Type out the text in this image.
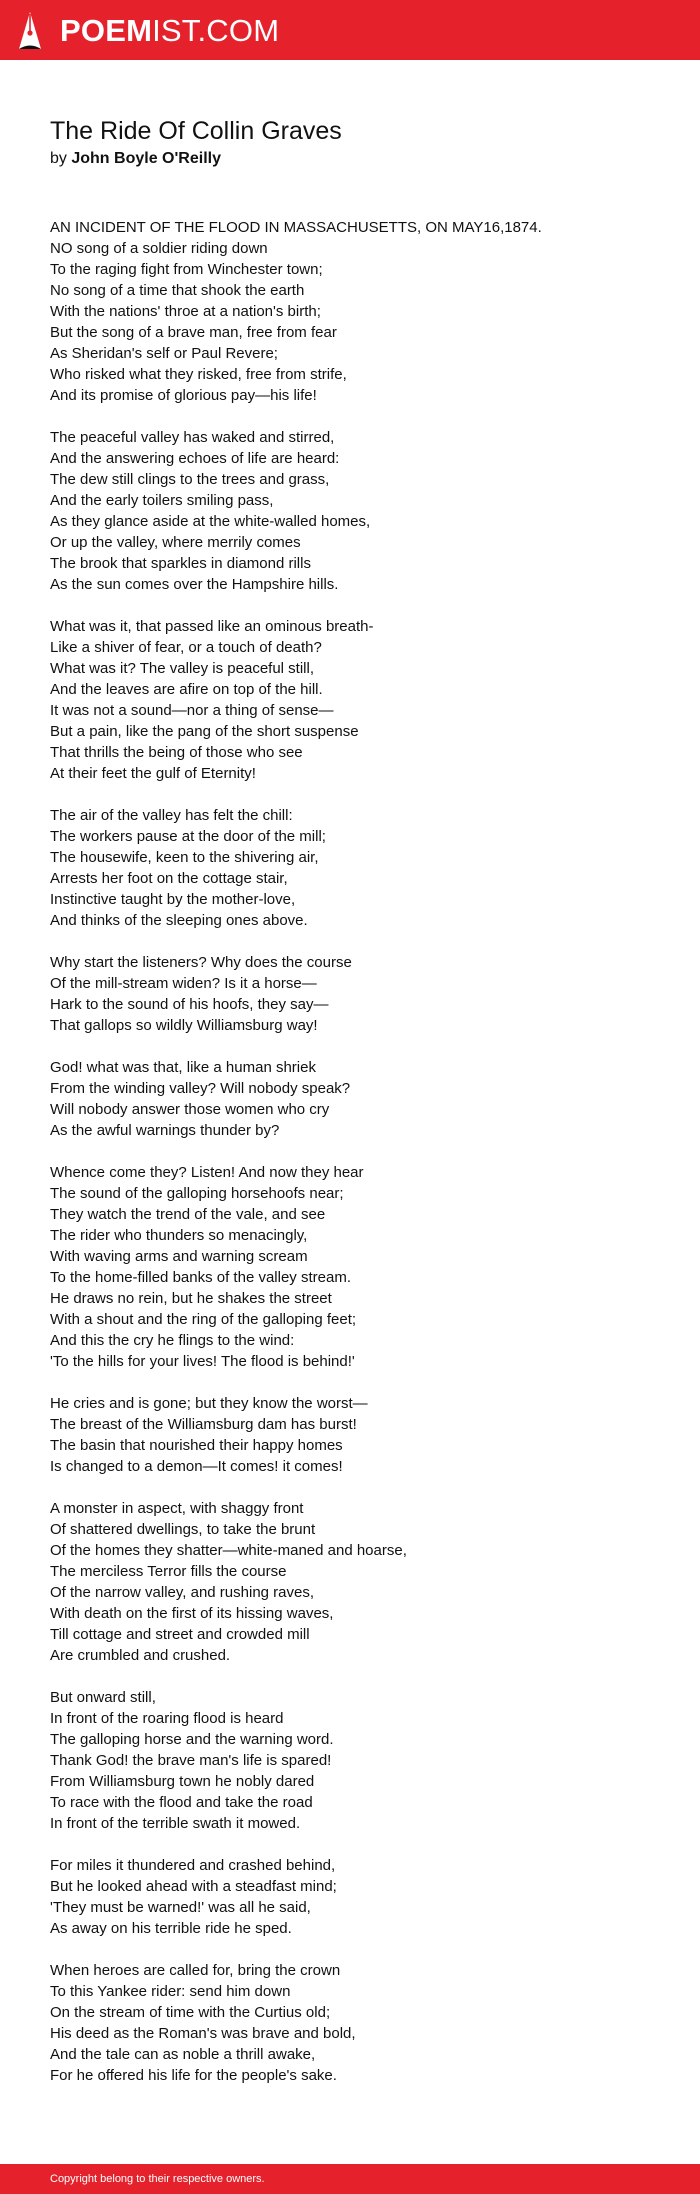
POEMIST.COM
The Ride Of Collin Graves
by John Boyle O'Reilly
AN INCIDENT OF THE FLOOD IN MASSACHUSETTS, ON MAY16,1874.
NO song of a soldier riding down
To the raging fight from Winchester town;
No song of a time that shook the earth
With the nations' throe at a nation's birth;
But the song of a brave man, free from fear
As Sheridan's self or Paul Revere;
Who risked what they risked, free from strife,
And its promise of glorious pay—his life!
The peaceful valley has waked and stirred,
And the answering echoes of life are heard:
The dew still clings to the trees and grass,
And the early toilers smiling pass,
As they glance aside at the white-walled homes,
Or up the valley, where merrily comes
The brook that sparkles in diamond rills
As the sun comes over the Hampshire hills.
What was it, that passed like an ominous breath-
Like a shiver of fear, or a touch of death?
What was it? The valley is peaceful still,
And the leaves are afire on top of the hill.
It was not a sound—nor a thing of sense—
But a pain, like the pang of the short suspense
That thrills the being of those who see
At their feet the gulf of Eternity!
The air of the valley has felt the chill:
The workers pause at the door of the mill;
The housewife, keen to the shivering air,
Arrests her foot on the cottage stair,
Instinctive taught by the mother-love,
And thinks of the sleeping ones above.
Why start the listeners? Why does the course
Of the mill-stream widen? Is it a horse—
Hark to the sound of his hoofs, they say—
That gallops so wildly Williamsburg way!
God! what was that, like a human shriek
From the winding valley? Will nobody speak?
Will nobody answer those women who cry
As the awful warnings thunder by?
Whence come they? Listen! And now they hear
The sound of the galloping horsehoofs near;
They watch the trend of the vale, and see
The rider who thunders so menacingly,
With waving arms and warning scream
To the home-filled banks of the valley stream.
He draws no rein, but he shakes the street
With a shout and the ring of the galloping feet;
And this the cry he flings to the wind:
'To the hills for your lives! The flood is behind!'
He cries and is gone; but they know the worst—
The breast of the Williamsburg dam has burst!
The basin that nourished their happy homes
Is changed to a demon—It comes! it comes!
A monster in aspect, with shaggy front
Of shattered dwellings, to take the brunt
Of the homes they shatter—white-maned and hoarse,
The merciless Terror fills the course
Of the narrow valley, and rushing raves,
With death on the first of its hissing waves,
Till cottage and street and crowded mill
Are crumbled and crushed.
But onward still,
In front of the roaring flood is heard
The galloping horse and the warning word.
Thank God! the brave man's life is spared!
From Williamsburg town he nobly dared
To race with the flood and take the road
In front of the terrible swath it mowed.
For miles it thundered and crashed behind,
But he looked ahead with a steadfast mind;
'They must be warned!' was all he said,
As away on his terrible ride he sped.
When heroes are called for, bring the crown
To this Yankee rider: send him down
On the stream of time with the Curtius old;
His deed as the Roman's was brave and bold,
And the tale can as noble a thrill awake,
For he offered his life for the people's sake.
Copyright belong to their respective owners.
